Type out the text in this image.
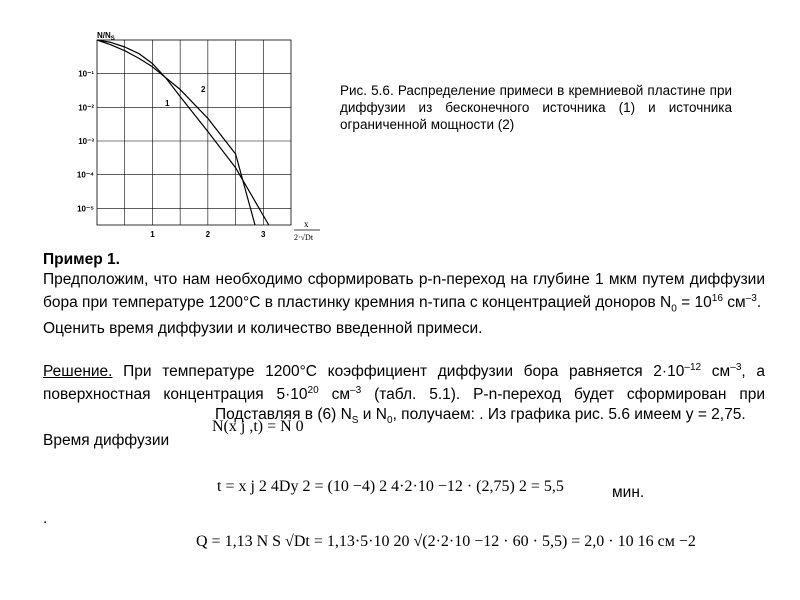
10⁻¹
10⁻²
10⁻³
10⁻⁴
10⁻⁵
1	2	3
$N/N_S$
1
2
x
2·√Dt
Рис. 5.6. Распределение примеси в кремниевой пластине при диффузии из бесконечного источника (1) и источника ограниченной мощности (2)

Пример 1.

Предположим, что нам необходимо сформировать p-n-переход на глубине 1 мкм путем диффузии бора при температуре 1200°С в пластинку кремния n-типа с концентрацией доноров $N_0 = 10^{16}$ $см^{-3}$.

Оценить время диффузии и количество введенной примеси.

Решение. При температуре 1200°С коэффициент диффузии бора равняется $2\cdot 10^{-12}$ $см^{-3}$, а поверхностная концентрация $5\cdot 10^{20}$ $см^{-3}$ (табл. 5.1). P-n-переход будет сформирован приПодставляя в (6) $N_S$ и $N_0$, получаем: . Из графика рис. 5.6 имеем y = 2,75.

Время диффузии

N(x j ,t) = N 0
t = x j 2 4Dy 2 = (10 −4) 2 4·2·10 −12 · (2,75) 2 = 5,5	мин.
.
Q = 1,13 N S √Dt = 1,13·5·10 20 √(2·2·10 −12 · 60 · 5,5) = 2,0 · 10 16 см −2
